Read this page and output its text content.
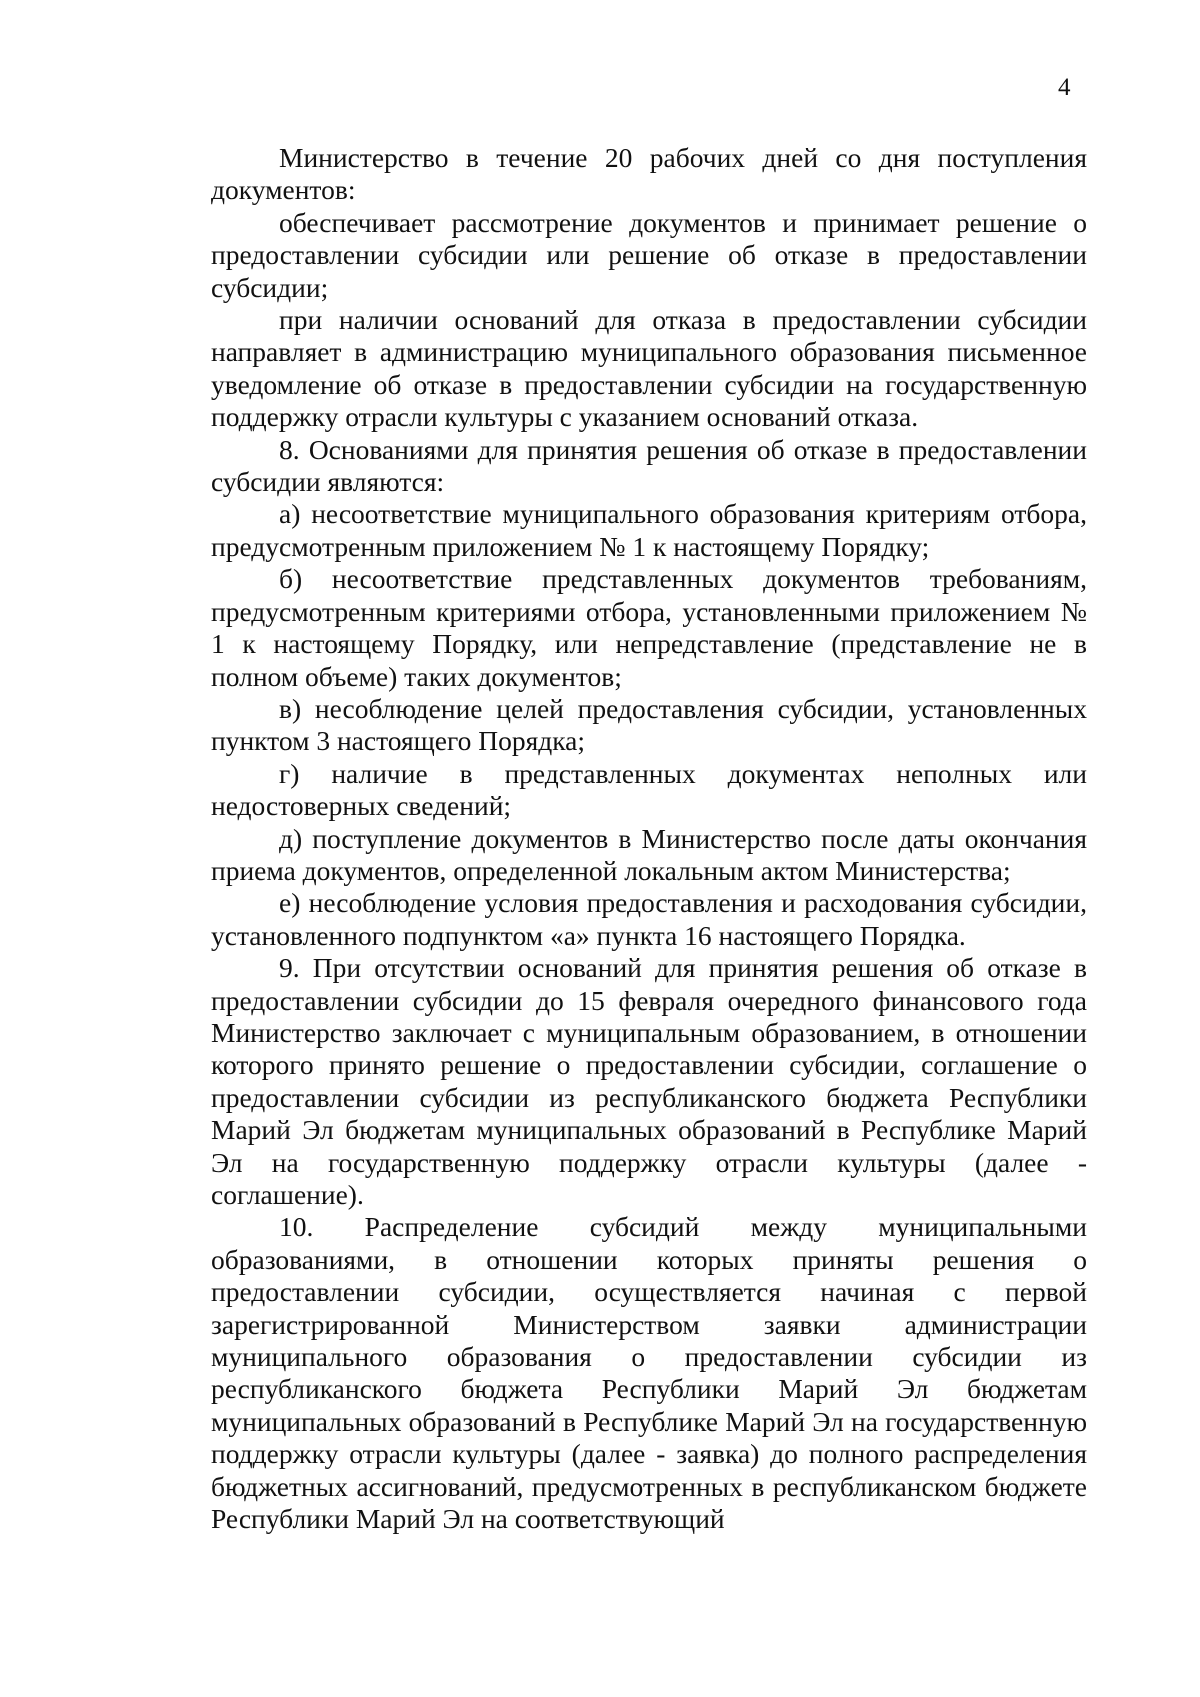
4

Министерство в течение 20 рабочих дней со дня поступления документов:

обеспечивает рассмотрение документов и принимает решение о предоставлении субсидии или решение об отказе в предоставлении субсидии;

при наличии оснований для отказа в предоставлении субсидии направляет в администрацию муниципального образования письменное уведомление об отказе в предоставлении субсидии на государственную поддержку отрасли культуры с указанием оснований отказа.

8. Основаниями для принятия решения об отказе в предоставлении субсидии являются:

а) несоответствие муниципального образования критериям отбора, предусмотренным приложением № 1 к настоящему Порядку;

б) несоответствие представленных документов требованиям, предусмотренным критериями отбора, установленными приложением № 1 к настоящему Порядку, или непредставление (представление не в полном объеме) таких документов;

в) несоблюдение целей предоставления субсидии, установленных пунктом 3 настоящего Порядка;

г) наличие в представленных документах неполных или недостоверных сведений;

д) поступление документов в Министерство после даты окончания приема документов, определенной локальным актом Министерства;

е) несоблюдение условия предоставления и расходования субсидии, установленного подпунктом «а» пункта 16 настоящего Порядка.

9. При отсутствии оснований для принятия решения об отказе в предоставлении субсидии до 15 февраля очередного финансового года Министерство заключает с муниципальным образованием, в отношении которого принято решение о предоставлении субсидии, соглашение о предоставлении субсидии из республиканского бюджета Республики Марий Эл бюджетам муниципальных образований в Республике Марий Эл на государственную поддержку отрасли культуры (далее - соглашение).

10. Распределение субсидий между муниципальными образованиями, в отношении которых приняты решения о предоставлении субсидии, осуществляется начиная с первой зарегистрированной Министерством заявки администрации муниципального образования о предоставлении субсидии из республиканского бюджета Республики Марий Эл бюджетам муниципальных образований в Республике Марий Эл на государственную поддержку отрасли культуры (далее - заявка) до полного распределения бюджетных ассигнований, предусмотренных в республиканском бюджете Республики Марий Эл на соответствующий
